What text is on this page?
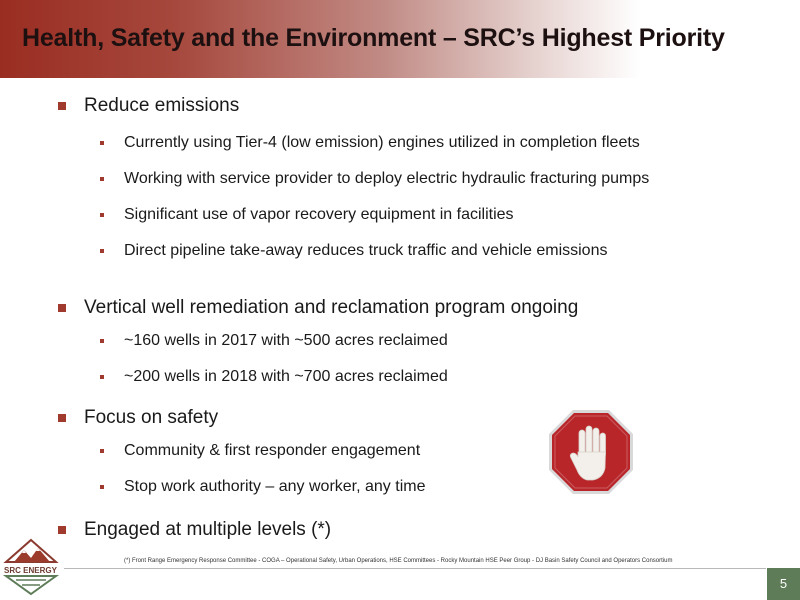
Health, Safety and the Environment – SRC’s Highest Priority
Reduce emissions
Currently using Tier-4 (low emission) engines utilized in completion fleets
Working with service provider to deploy electric hydraulic fracturing pumps
Significant use of vapor recovery equipment in facilities
Direct pipeline take-away reduces truck traffic and vehicle emissions
Vertical well remediation and reclamation program ongoing
~160 wells in 2017 with ~500 acres reclaimed
~200 wells in 2018 with ~700 acres reclaimed
Focus on safety
Community & first responder engagement
Stop work authority – any worker, any time
Engaged at multiple levels (*)
(*) Front Range Emergency Response Committee - COGA – Operational Safety, Urban Operations, HSE Committees - Rocky Mountain HSE Peer Group - DJ Basin Safety Council and Operators Consortium
5
SRC ENERGY
